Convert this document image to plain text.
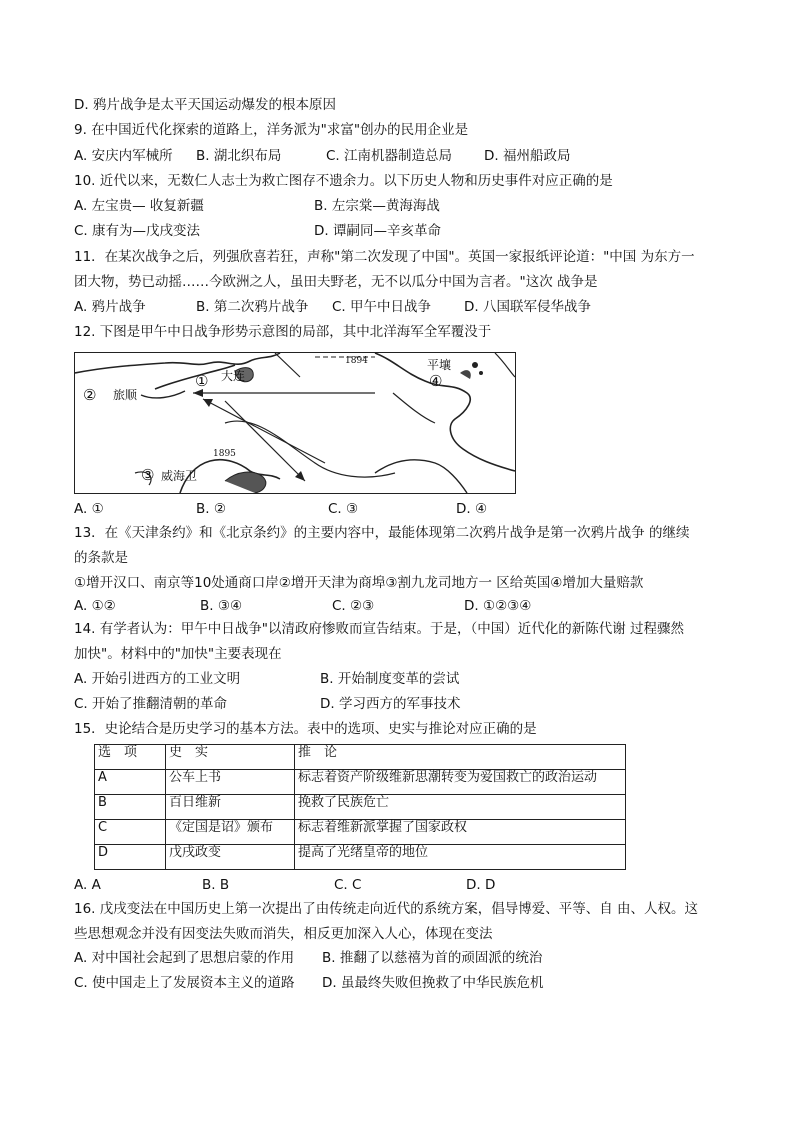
D. 鸦片战争是太平天国运动爆发的根本原因
9. 在中国近代化探索的道路上，洋务派为"求富"创办的民用企业是
A. 安庆内军械所 B. 湖北织布局	C. 江南机器制造总局 D. 福州船政局
10. 近代以来，无数仁人志士为救亡图存不遗余力。以下历史人物和历史事件对应正确的是
A. 左宝贵— 收复新疆	B. 左宗棠—黄海海战
C. 康有为—戊戌变法	D. 谭嗣同—辛亥革命
11．在某次战争之后，列强欣喜若狂，声称"第二次发现了中国"。英国一家报纸评论道："中国 为东方一
团大物，势已动摇……今欧洲之人，虽田夫野老，无不以瓜分中国为言者。"这次 战争是
A. 鸦片战争	B. 第二次鸦片战争 C. 甲午中日战争 D. 八国联军侵华战争
12. 下图是甲午中日战争形势示意图的局部，其中北洋海军全军覆没于
② 旅顺
① 大连
1894	平壤
④
1895
③ 威海卫
A. ①	B. ②	C. ③	D. ④
13．在《天津条约》和《北京条约》的主要内容中，最能体现第二次鸦片战争是第一次鸦片战争 的继续
的条款是
①增开汉口、南京等10处通商口岸②增开天津为商埠③割九龙司地方一 区给英国④增加大量赔款
A. ①②	B. ③④	C. ②③	D. ①②③④
14. 有学者认为：甲午中日战争"以清政府惨败而宣告结束。于是，（中国）近代化的新陈代谢 过程骤然
加快"。材料中的"加快"主要表现在
A. 开始引进西方的工业文明	B. 开始制度变革的尝试
C. 开始了推翻清朝的革命	D. 学习西方的军事技术
15．史论结合是历史学习的基本方法。表中的选项、史实与推论对应正确的是
选　项	史　实	推　论
A	公车上书	标志着资产阶级维新思潮转变为爱国救亡的政治运动
B	百日维新	挽救了民族危亡
C	《定国是诏》颁布	标志着维新派掌握了国家政权
D	戊戌政变	提高了光绪皇帝的地位
A. A	B. B	C. C	D. D
16. 戊戌变法在中国历史上第一次提出了由传统走向近代的系统方案，倡导博爱、平等、自 由、人权。这
些思想观念并没有因变法失败而消失，相反更加深入人心，体现在变法
A. 对中国社会起到了思想启蒙的作用 B. 推翻了以慈禧为首的顽固派的统治
C. 使中国走上了发展资本主义的道路 D. 虽最终失败但挽救了中华民族危机
